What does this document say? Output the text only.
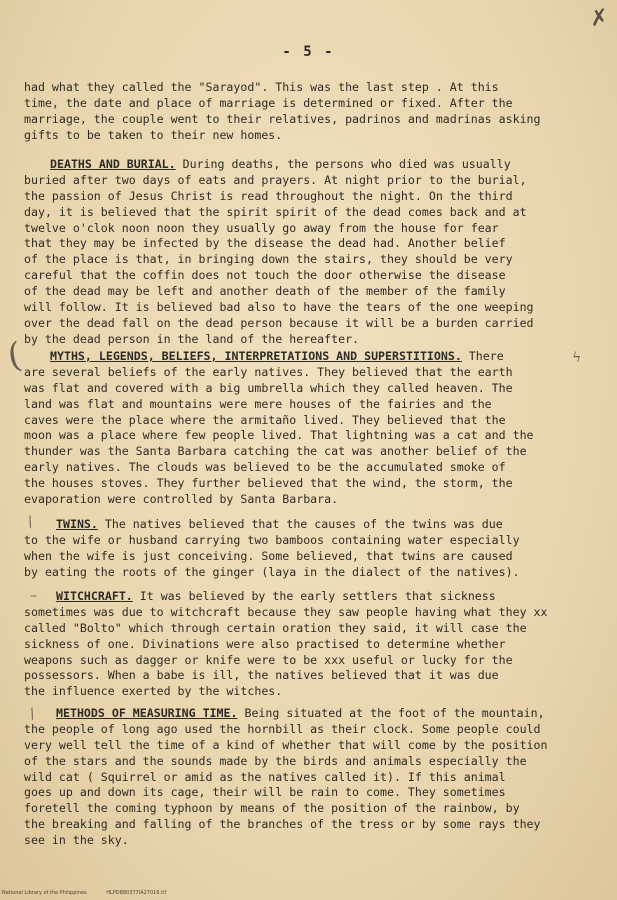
✗
- 5 -
(	ϟ
/
–
/
had what they called the "Sarayod". This was the last step . At this
time, the date and place of marriage is determined or fixed. After the
marriage, the couple went to their relatives, padrinos and madrinas asking
gifts to be taken to their new homes.
DEATHS AND BURIAL. During deaths, the persons who died was usually
buried after two days of eats and prayers. At night prior to the burial,
the passion of Jesus Christ is read throughout the night. On the third
day, it is believed that the spirit spirit of the dead comes back and at
twelve o'clok noon noon they usually go away from the house for fear
that they may be infected by the disease the dead had. Another belief
of the place is that, in bringing down the stairs, they should be very
careful that the coffin does not touch the door otherwise the disease
of the dead may be left and another death of the member of the family
will follow. It is believed bad also to have the tears of the one weeping
over the dead fall on the dead person because it will be a burden carried
by the dead person in the land of the hereafter.
MYTHS, LEGENDS, BELIEFS, INTERPRETATIONS AND SUPERSTITIONS. There
are several beliefs of the early natives. They believed that the earth
was flat and covered with a big umbrella which they called heaven. The
land was flat and mountains were mere houses of the fairies and the
caves were the place where the armitaño lived. They believed that the
moon was a place where few people lived. That lightning was a cat and the
thunder was the Santa Barbara catching the cat was another belief of the
early natives. The clouds was believed to be the accumulated smoke of
the houses stoves. They further believed that the wind, the storm, the
evaporation were controlled by Santa Barbara.
TWINS. The natives believed that the causes of the twins was due
to the wife or husband carrying two bamboos containing water especially
when the wife is just conceiving. Some believed, that twins are caused
by eating the roots of the ginger (laya in the dialect of the natives).
WITCHCRAFT. It was believed by the early settlers that sickness
sometimes was due to witchcraft because they saw people having what they xx
called "Bolto" which through certain oration they said, it will case the
sickness of one. Divinations were also practised to determine whether
weapons such as dagger or knife were to be xxx useful or lucky for the
possessors. When a babe is ill, the natives believed that it was due
the influence exerted by the witches.
METHODS OF MEASURING TIME. Being situated at the foot of the mountain,
the people of long ago used the hornbill as their clock. Some people could
very well tell the time of a kind of whether that will come by the position
of the stars and the sounds made by the birds and animals especially the
wild cat ( Squirrel or amid as the natives called it). If this animal
goes up and down its cage, their will be rain to come. They sometimes
foretell the coming typhoon by means of the position of the rainbow, by
the breaking and falling of the branches of the tress or by some rays they
see in the sky.
National Library of the Philippines	HLPD880377IA27016.tif
